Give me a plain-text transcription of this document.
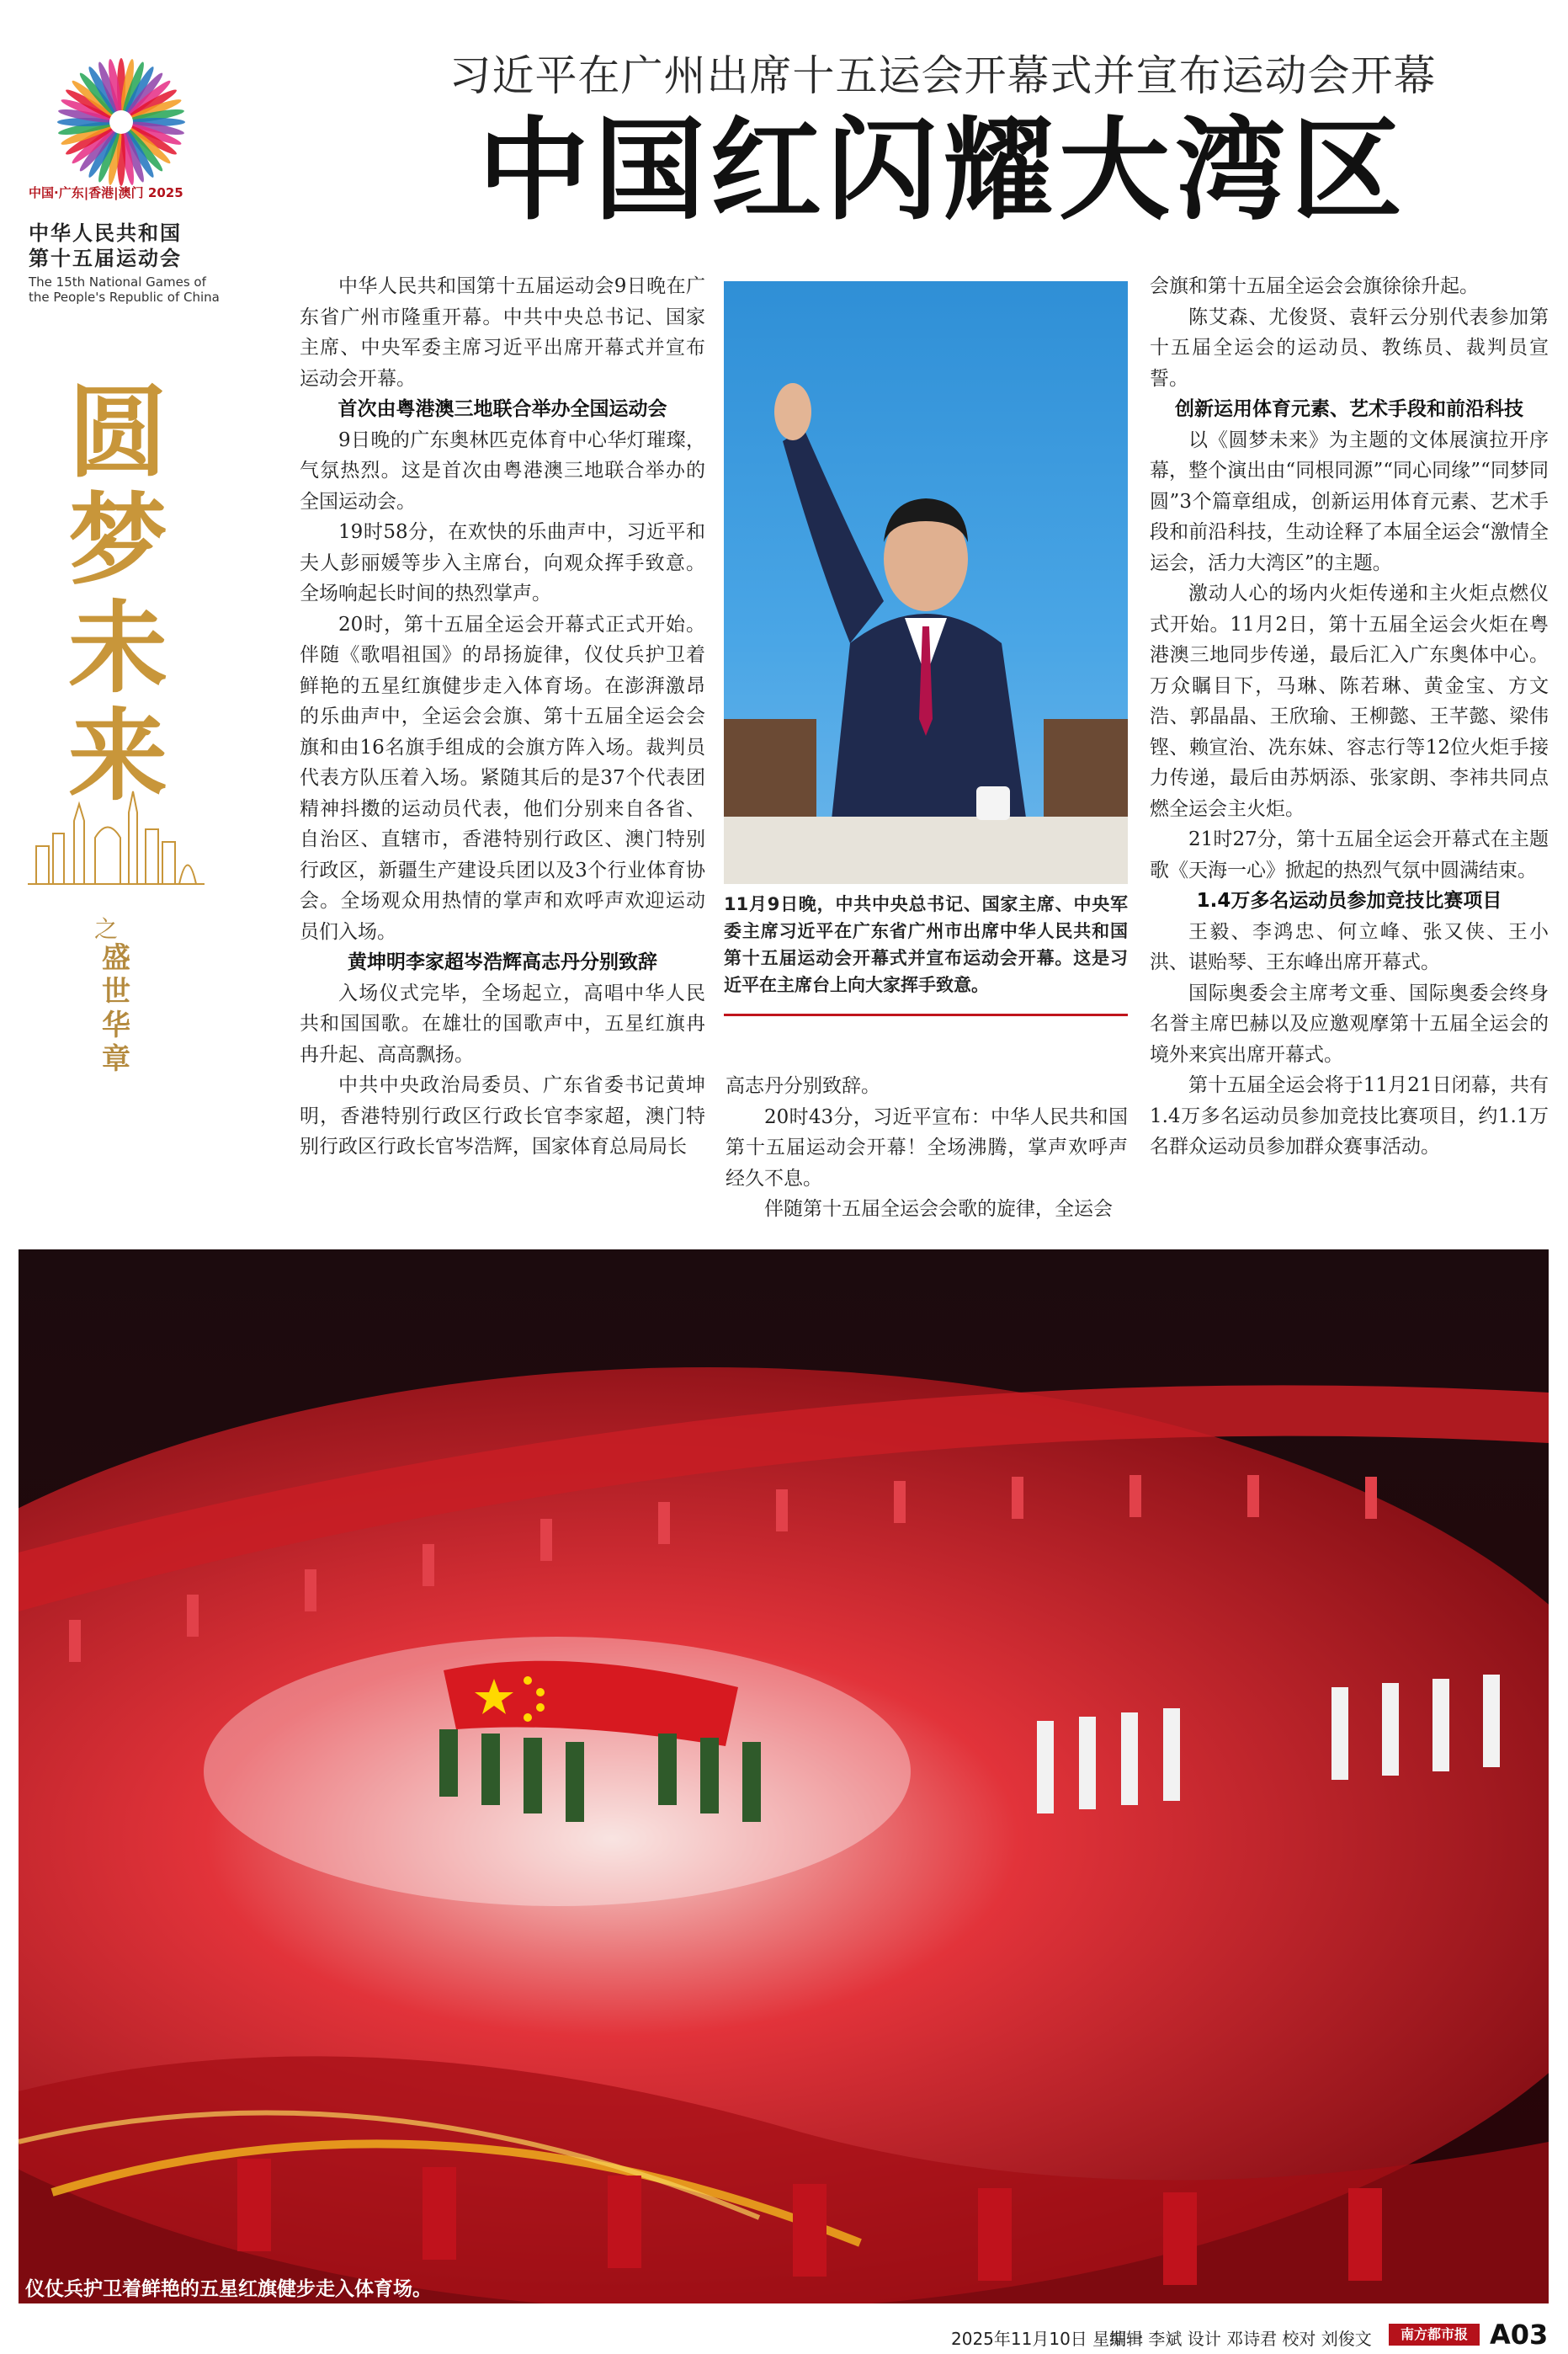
中国·广东|香港|澳门 2025
中华人民共和国
第十五届运动会
The 15th National Games of
the People's Republic of China
圆梦未来
之
盛世华章
习近平在广州出席十五运会开幕式并宣布运动会开幕
中国红闪耀大湾区

中华人民共和国第十五届运动会9日晚在广东省广州市隆重开幕。中共中央总书记、国家主席、中央军委主席习近平出席开幕式并宣布运动会开幕。

首次由粤港澳三地联合举办全国运动会

9日晚的广东奥林匹克体育中心华灯璀璨，气氛热烈。这是首次由粤港澳三地联合举办的全国运动会。

19时58分，在欢快的乐曲声中，习近平和夫人彭丽媛等步入主席台，向观众挥手致意。全场响起长时间的热烈掌声。

20时，第十五届全运会开幕式正式开始。伴随《歌唱祖国》的昂扬旋律，仪仗兵护卫着鲜艳的五星红旗健步走入体育场。在澎湃激昂的乐曲声中，全运会会旗、第十五届全运会会旗和由16名旗手组成的会旗方阵入场。裁判员代表方队压着入场。紧随其后的是37个代表团精神抖擞的运动员代表，他们分别来自各省、自治区、直辖市，香港特别行政区、澳门特别行政区，新疆生产建设兵团以及3个行业体育协会。全场观众用热情的掌声和欢呼声欢迎运动员们入场。

黄坤明李家超岑浩辉高志丹分别致辞

入场仪式完毕，全场起立，高唱中华人民共和国国歌。在雄壮的国歌声中，五星红旗冉冉升起、高高飘扬。

中共中央政治局委员、广东省委书记黄坤明，香港特别行政区行政长官李家超，澳门特别行政区行政长官岑浩辉，国家体育总局局长

11月9日晚，中共中央总书记、国家主席、中央军委主席习近平在广东省广州市出席中华人民共和国第十五届运动会开幕式并宣布运动会开幕。这是习近平在主席台上向大家挥手致意。

高志丹分别致辞。

20时43分，习近平宣布：中华人民共和国第十五届运动会开幕！全场沸腾，掌声欢呼声经久不息。

伴随第十五届全运会会歌的旋律，全运会

会旗和第十五届全运会会旗徐徐升起。

陈艾森、尤俊贤、袁轩云分别代表参加第十五届全运会的运动员、教练员、裁判员宣誓。

创新运用体育元素、艺术手段和前沿科技

以《圆梦未来》为主题的文体展演拉开序幕，整个演出由“同根同源”“同心同缘”“同梦同圆”3个篇章组成，创新运用体育元素、艺术手段和前沿科技，生动诠释了本届全运会“激情全运会，活力大湾区”的主题。

激动人心的场内火炬传递和主火炬点燃仪式开始。11月2日，第十五届全运会火炬在粤港澳三地同步传递，最后汇入广东奥体中心。万众瞩目下，马琳、陈若琳、黄金宝、方文浩、郭晶晶、王欣瑜、王柳懿、王芊懿、梁伟铿、赖宣治、冼东妹、容志行等12位火炬手接力传递，最后由苏炳添、张家朗、李祎共同点燃全运会主火炬。

21时27分，第十五届全运会开幕式在主题歌《天海一心》掀起的热烈气氛中圆满结束。

1.4万多名运动员参加竞技比赛项目

王毅、李鸿忠、何立峰、张又侠、王小洪、谌贻琴、王东峰出席开幕式。

国际奥委会主席考文垂、国际奥委会终身名誉主席巴赫以及应邀观摩第十五届全运会的境外来宾出席开幕式。

第十五届全运会将于11月21日闭幕，共有1.4万多名运动员参加竞技比赛项目，约1.1万名群众运动员参加群众赛事活动。

仪仗兵护卫着鲜艳的五星红旗健步走入体育场。
2025年11月10日 星期一
编辑 李斌 设计 邓诗君 校对 刘俊文	南方都市报 A03
